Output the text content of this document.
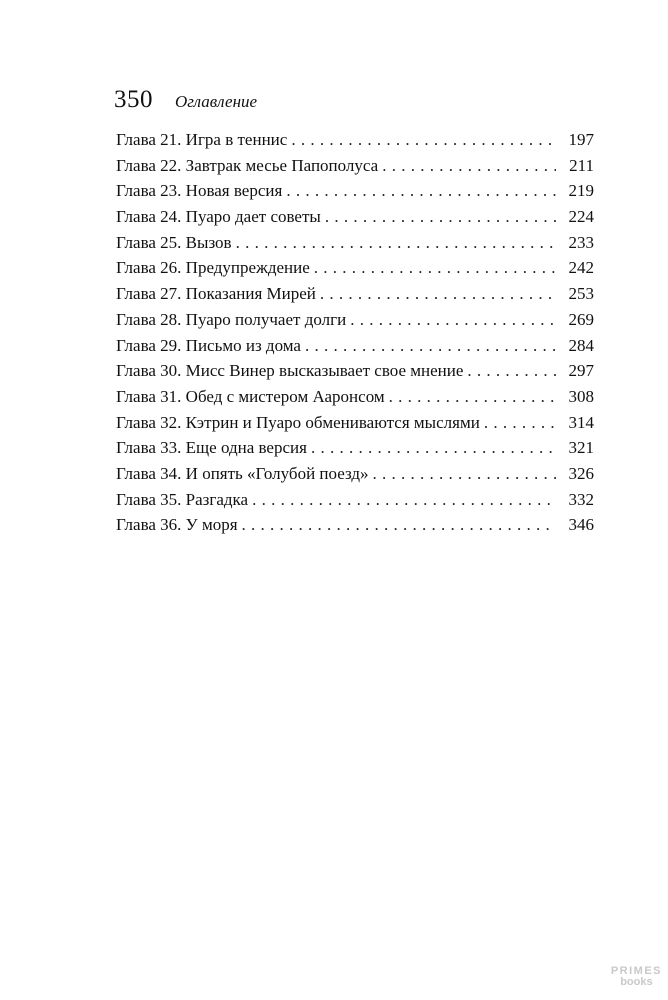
350 Оглавление
Глава 21. Игра в теннис . . .	197
Глава 22. Завтрак месье Папополуса . . .	211
Глава 23. Новая версия . . .	219
Глава 24. Пуаро дает советы . . .	224
Глава 25. Вызов . . .	233
Глава 26. Предупреждение . . .	242
Глава 27. Показания Мирей . . .	253
Глава 28. Пуаро получает долги . . .	269
Глава 29. Письмо из дома . . .	284
Глава 30. Мисс Винер высказывает свое мнение . . .	297
Глава 31. Обед с мистером Ааронсом . . .	308
Глава 32. Кэтрин и Пуаро обмениваются мыслями . . .	314
Глава 33. Еще одна версия . . .	321
Глава 34. И опять «Голубой поезд» . . .	326
Глава 35. Разгадка . . .	332
Глава 36. У моря . . .	346
PRIMES
books
